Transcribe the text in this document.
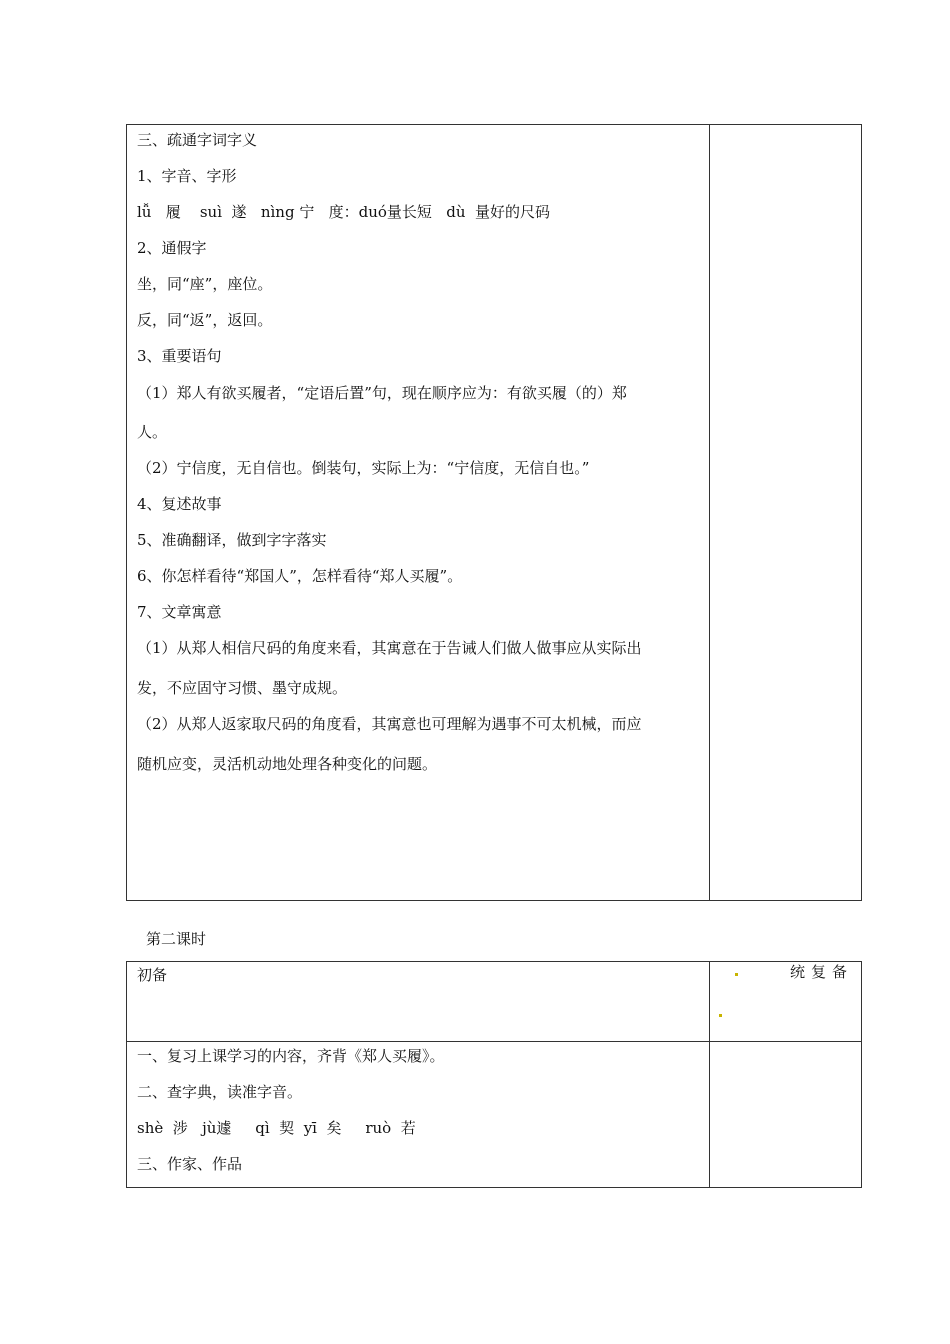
三、疏通字词字义
1、字音、字形
lǚ   履    suì  遂   nìng 宁   度：duó量长短   dù  量好的尺码
2、通假字
坐，同“座”，座位。
反，同“返”，返回。
3、重要语句
（1）郑人有欲买履者，“定语后置”句，现在顺序应为：有欲买履（的）郑
人。
（2）宁信度，无自信也。倒装句，实际上为：“宁信度，无信自也。”
4、复述故事
5、准确翻译，做到字字落实
6、你怎样看待“郑国人”，怎样看待“郑人买履”。
7、文章寓意
（1）从郑人相信尺码的角度来看，其寓意在于告诫人们做人做事应从实际出
发，不应固守习惯、墨守成规。
（2）从郑人返家取尺码的角度看，其寓意也可理解为遇事不可太机械，而应
随机应变，灵活机动地处理各种变化的问题。
第二课时
初备	统复备
一、复习上课学习的内容，齐背《郑人买履》。
二、查字典，读准字音。
shè  涉   jù遽     qì  契  yī  矣     ruò  若
三、作家、作品
